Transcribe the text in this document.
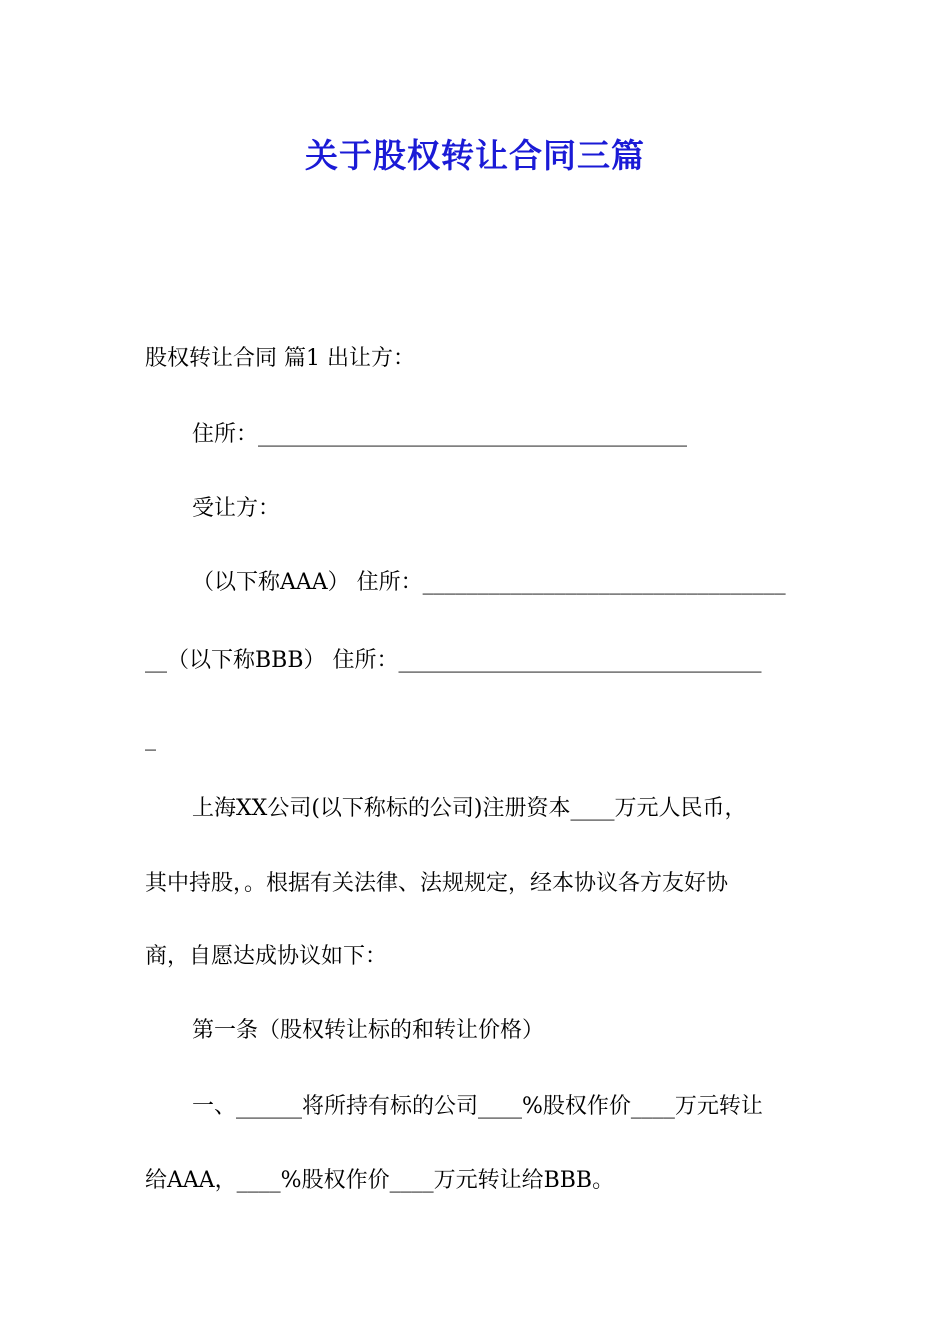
关于股权转让合同三篇

股权转让合同 篇1 出让方：

住所：_______________________________________

受让方：

（以下称AAA） 住所：_________________________________

__（以下称BBB） 住所：_________________________________

_

上海XX公司(以下称标的公司)注册资本____万元人民币，

其中持股，。根据有关法律、法规规定，经本协议各方友好协

商，自愿达成协议如下：

第一条（股权转让标的和转让价格）

一、______将所持有标的公司____%股权作价____万元转让

给AAA，____%股权作价____万元转让给BBB。
